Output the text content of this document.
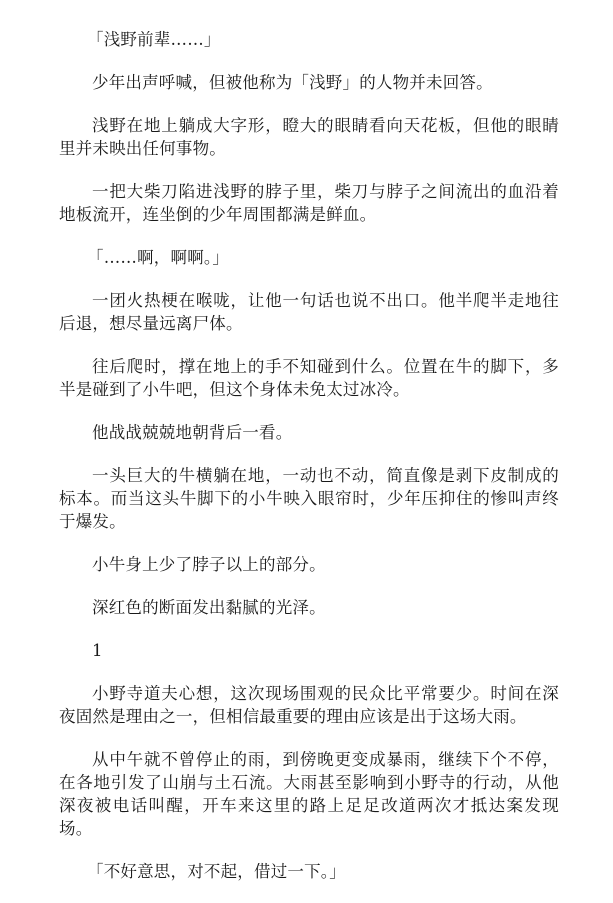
「浅野前辈……」

少年出声呼喊，但被他称为「浅野」的人物并未回答。

浅野在地上躺成大字形，瞪大的眼睛看向天花板，但他的眼睛里并未映出任何事物。

一把大柴刀陷进浅野的脖子里，柴刀与脖子之间流出的血沿着地板流开，连坐倒的少年周围都满是鲜血。

「……啊，啊啊。」

一团火热梗在喉咙，让他一句话也说不出口。他半爬半走地往后退，想尽量远离尸体。

往后爬时，撑在地上的手不知碰到什么。位置在牛的脚下，多半是碰到了小牛吧，但这个身体未免太过冰冷。

他战战兢兢地朝背后一看。

一头巨大的牛横躺在地，一动也不动，简直像是剥下皮制成的标本。而当这头牛脚下的小牛映入眼帘时，少年压抑住的惨叫声终于爆发。

小牛身上少了脖子以上的部分。

深红色的断面发出黏腻的光泽。

1

小野寺道夫心想，这次现场围观的民众比平常要少。时间在深夜固然是理由之一，但相信最重要的理由应该是出于这场大雨。

从中午就不曾停止的雨，到傍晚更变成暴雨，继续下个不停，在各地引发了山崩与土石流。大雨甚至影响到小野寺的行动，从他深夜被电话叫醒，开车来这里的路上足足改道两次才抵达案发现场。

「不好意思，对不起，借过一下。」
